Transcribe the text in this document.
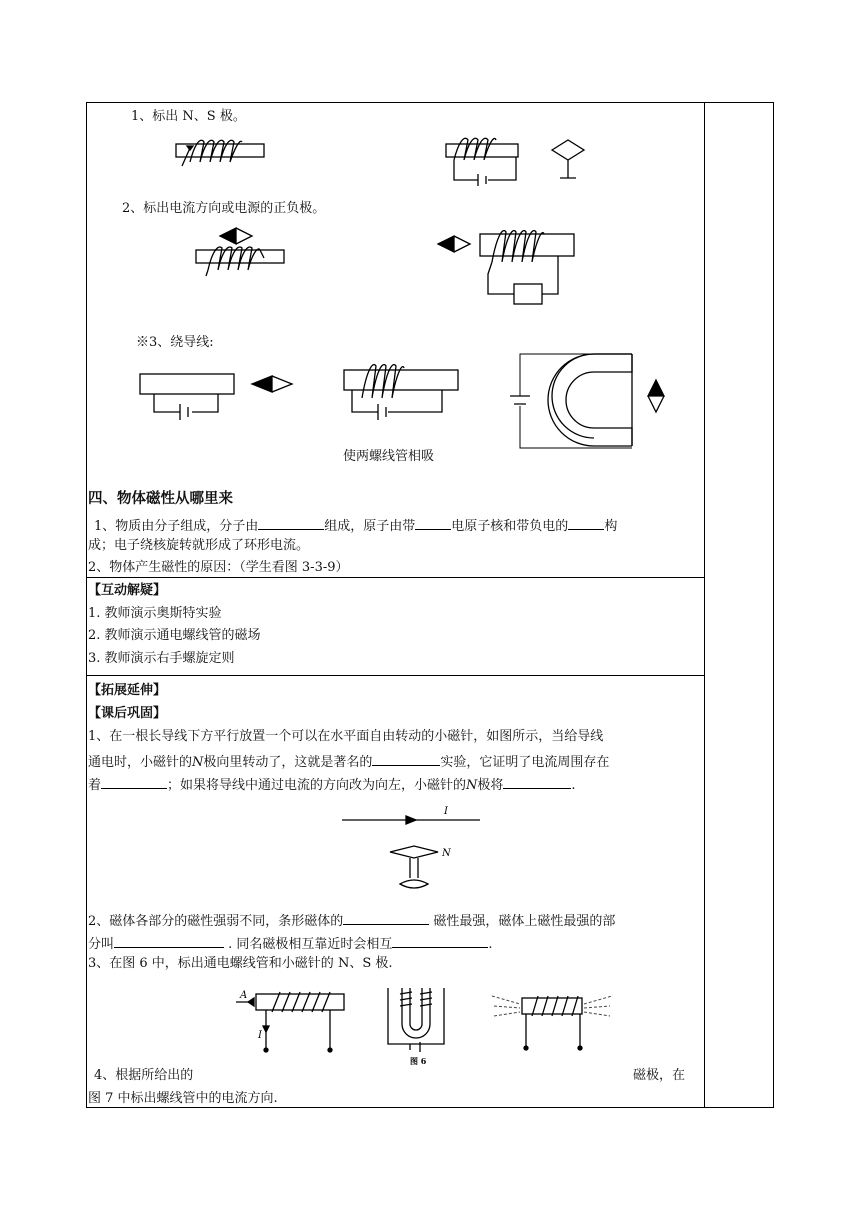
1、标出 N、S 极。
2、标出电流方向或电源的正负极。
※3、绕导线:
使两螺线管相吸
四、物体磁性从哪里来
1、物质由分子组成，分子由	组成，原子由带	电原子核和带负电的	构
成；电子绕核旋转就形成了环形电流。
2、物体产生磁性的原因：（学生看图 3-3-9）
【互动解疑】
1. 教师演示奥斯特实验
2. 教师演示通电螺线管的磁场
3. 教师演示右手螺旋定则
【拓展延伸】
【课后巩固】
1、在一根长导线下方平行放置一个可以在水平面自由转动的小磁针，如图所示，当给导线
通电时，小磁针的N极向里转动了，这就是著名的	实验，它证明了电流周围存在
着	；如果将导线中通过电流的方向改为向左，小磁针的N极将	.
I
N
2、磁体各部分的磁性强弱不同，条形磁体的	磁性最强，磁体上磁性最强的部
分叫	. 同名磁极相互靠近时会相互	.
3、在图 6 中，标出通电螺线管和小磁针的 N、S 极.
A
I
图 6
4、根据所给出的	磁极，在
图 7 中标出螺线管中的电流方向.
